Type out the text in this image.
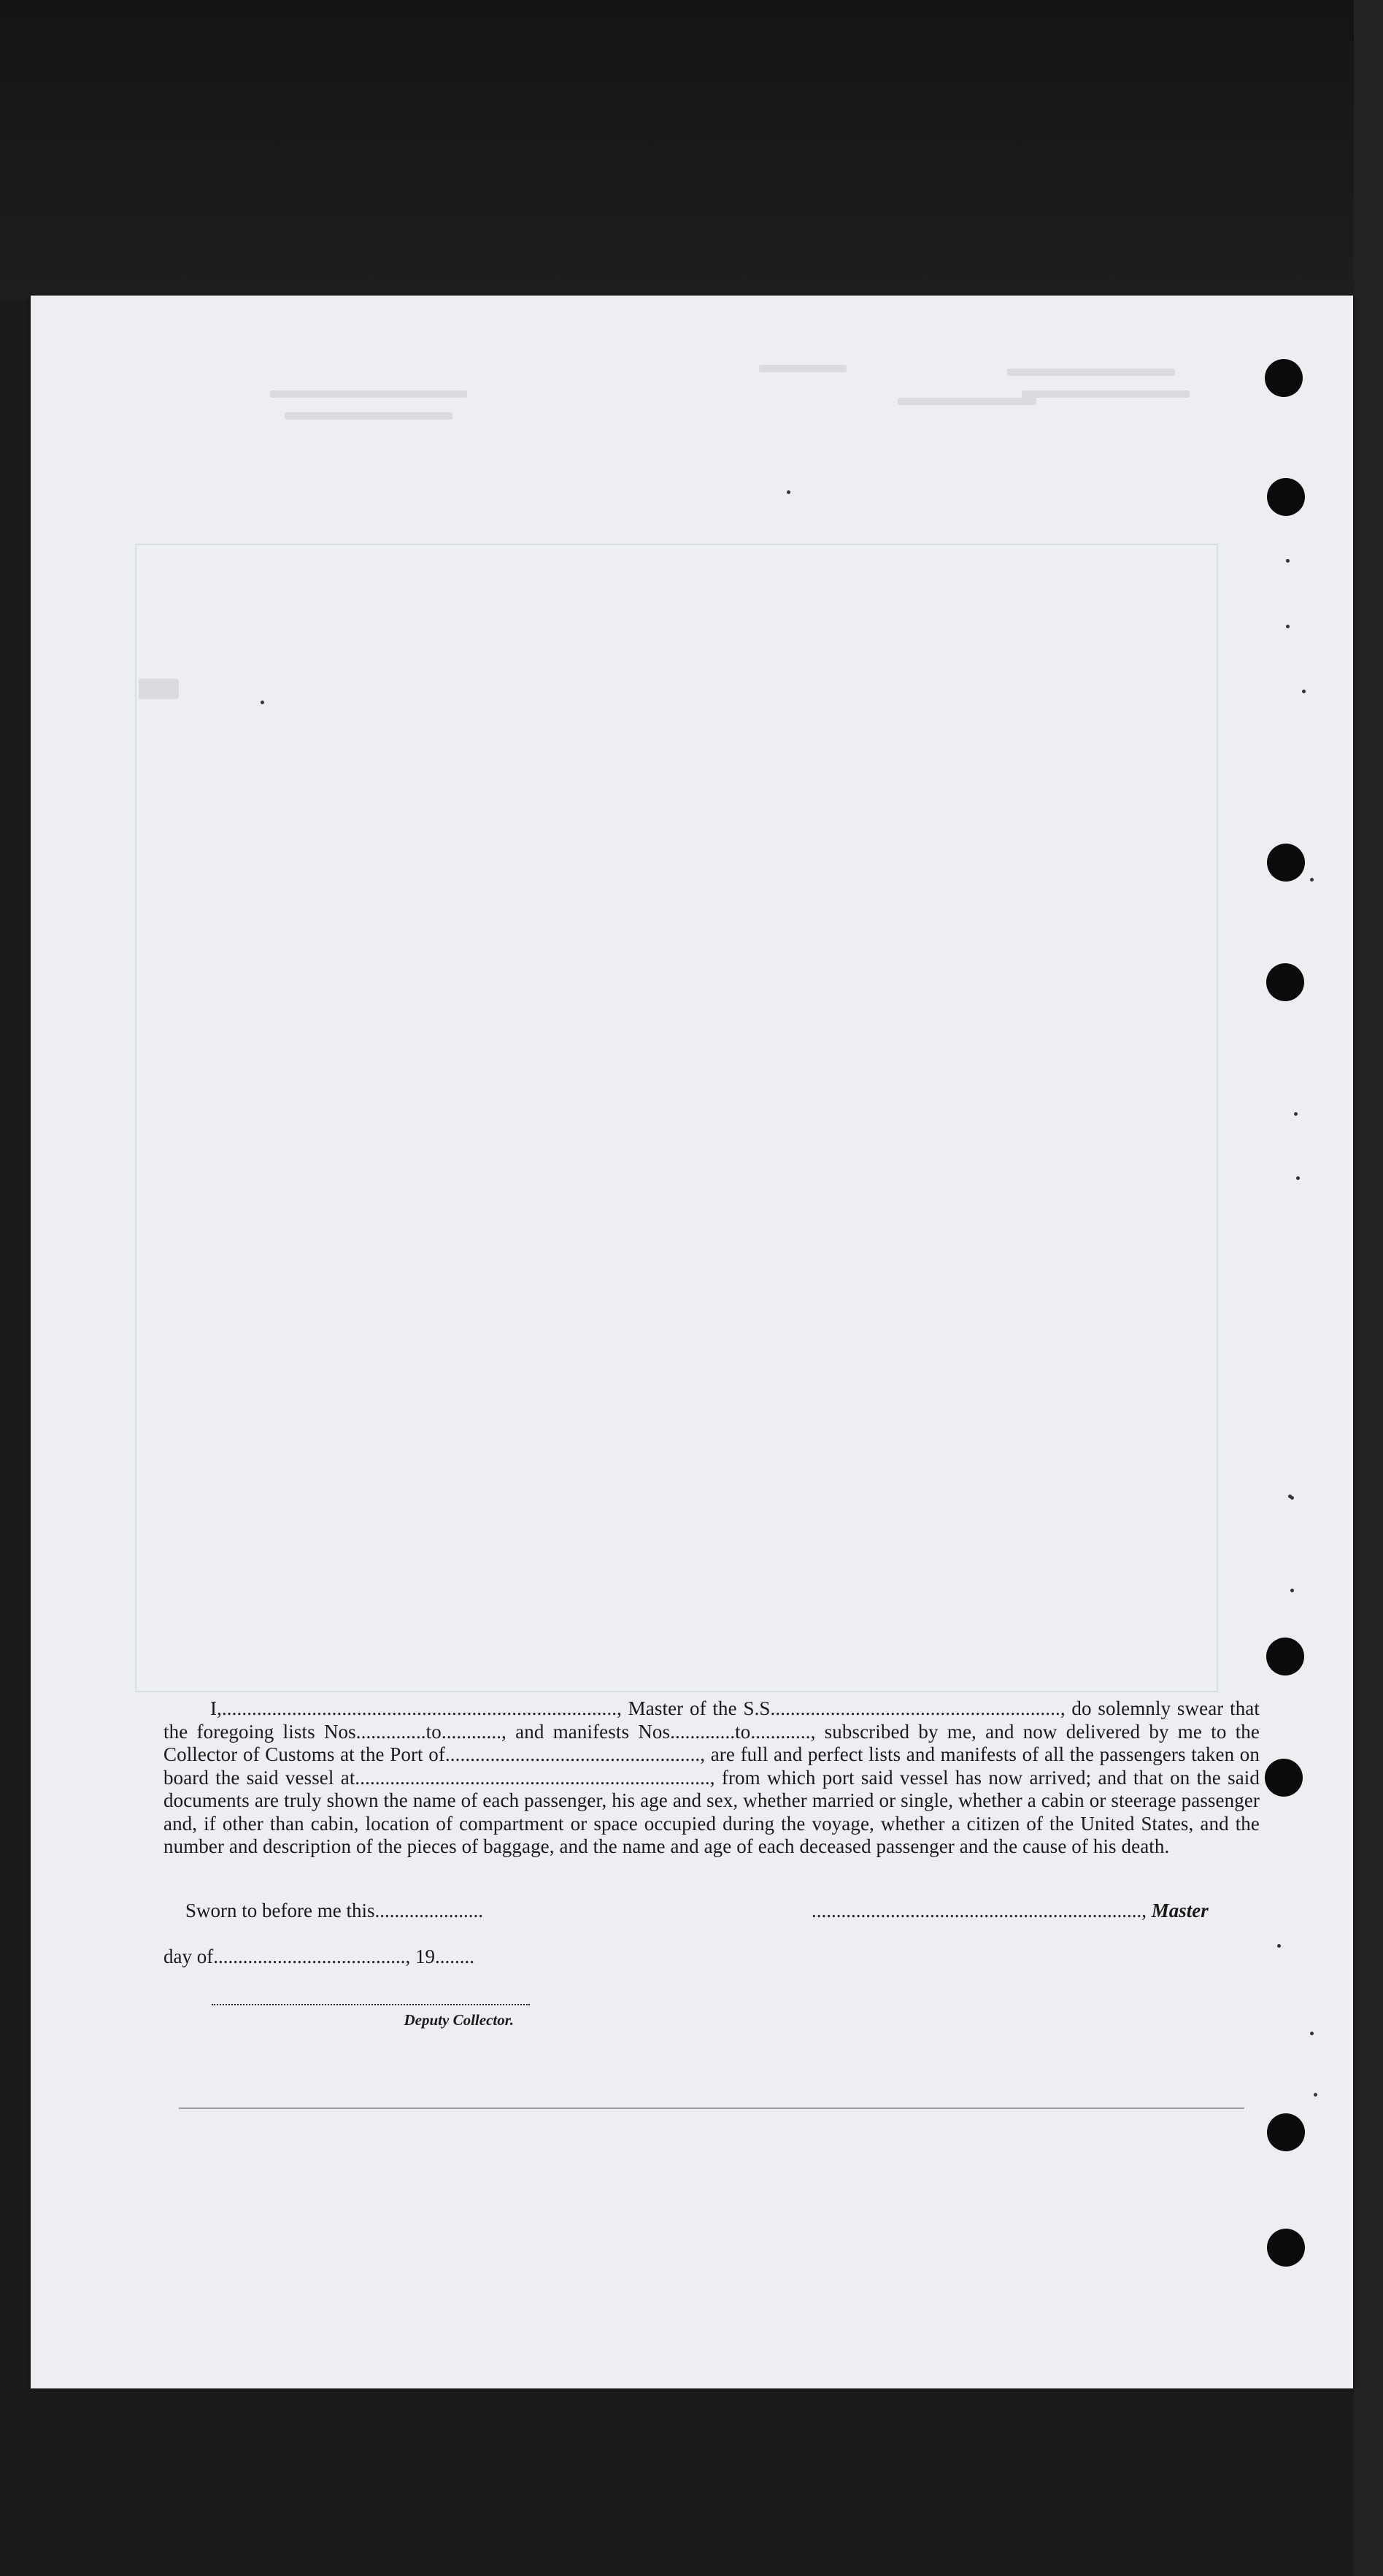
I,..............................................................................., Master of the S.S.........................................................., do solemnly swear that the foregoing lists Nos..............to............, and manifests Nos.............to............, subscribed by me, and now delivered by me to the Collector of Customs at the Port of..................................................., are full and perfect lists and manifests of all the passengers taken on board the said vessel at......................................................................., from which port said vessel has now arrived; and that on the said documents are truly shown the name of each passenger, his age and sex, whether married or single, whether a cabin or steerage passenger and, if other than cabin, location of compartment or space occupied during the voyage, whether a citizen of the United States, and the number and description of the pieces of baggage, and the name and age of each deceased passenger and the cause of his death.
Sworn to before me this......................	..................................................................., Master
day of......................................., 19........
Deputy Collector.
